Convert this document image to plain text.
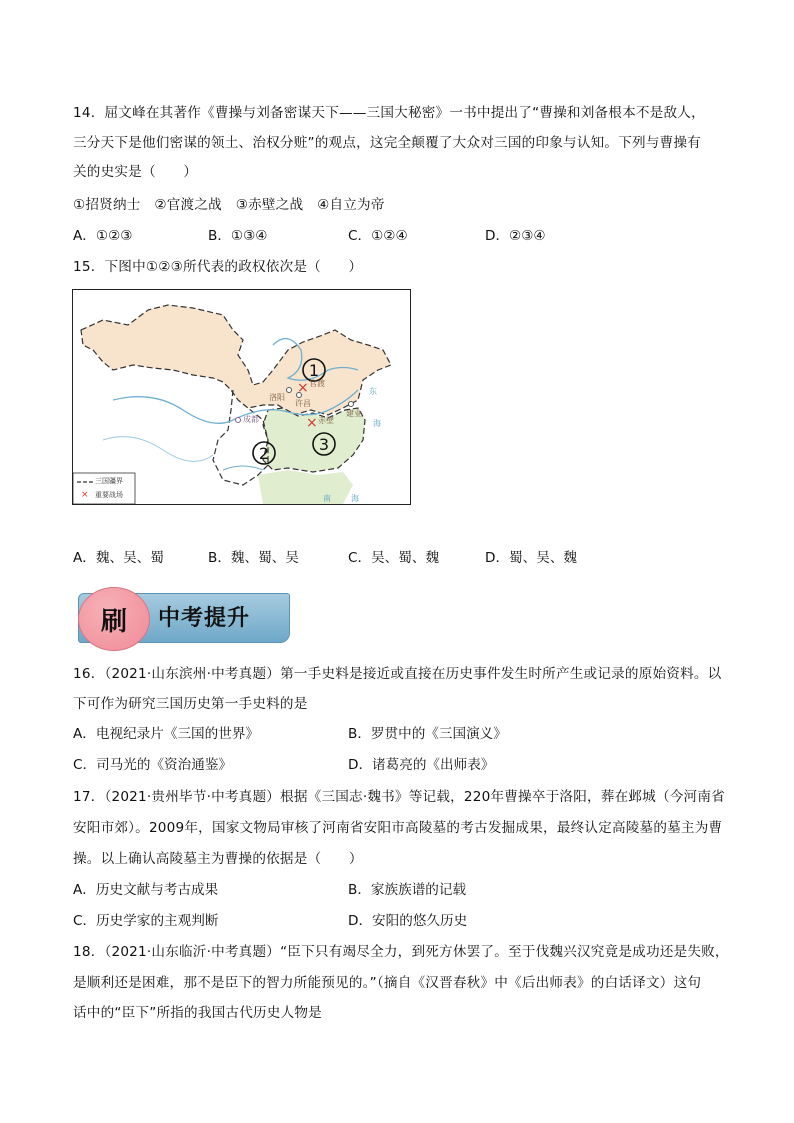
14．屈文峰在其著作《曹操与刘备密谋天下——三国大秘密》一书中提出了“曹操和刘备根本不是敌人，
三分天下是他们密谋的领土、治权分赃”的观点，这完全颠覆了大众对三国的印象与认知。下列与曹操有
关的史实是（　　）
①招贤纳士　②官渡之战　③赤壁之战　④自立为帝
A．①②③	B．①③④	C．①②④	D．②③④
15．下图中①②③所代表的政权依次是（　　）
×
×
1
2	3
×
官渡
洛阳
许昌
建业
赤壁
成都
东
海
南	海
三国疆界
重要战场
A．魏、吴、蜀	B．魏、蜀、吴	C．吴、蜀、魏	D．蜀、吴、魏
刷 中考提升
16．（2021·山东滨州·中考真题）第一手史料是接近或直接在历史事件发生时所产生或记录的原始资料。以
下可作为研究三国历史第一手史料的是
A．电视纪录片《三国的世界》	B．罗贯中的《三国演义》
C．司马光的《资治通鉴》	D．诸葛亮的《出师表》
17．（2021·贵州毕节·中考真题）根据《三国志·魏书》等记载，220年曹操卒于洛阳，葬在邺城（今河南省
安阳市郊）。2009年，国家文物局审核了河南省安阳市高陵墓的考古发掘成果，最终认定高陵墓的墓主为曹
操。以上确认高陵墓主为曹操的依据是（　　）
A．历史文献与考古成果	B．家族族谱的记载
C．历史学家的主观判断	D．安阳的悠久历史
18．（2021·山东临沂·中考真题）“臣下只有竭尽全力，到死方休罢了。至于伐魏兴汉究竟是成功还是失败，
是顺利还是困难，那不是臣下的智力所能预见的。”（摘自《汉晋春秋》中《后出师表》的白话译文）这句
话中的“臣下”所指的我国古代历史人物是
